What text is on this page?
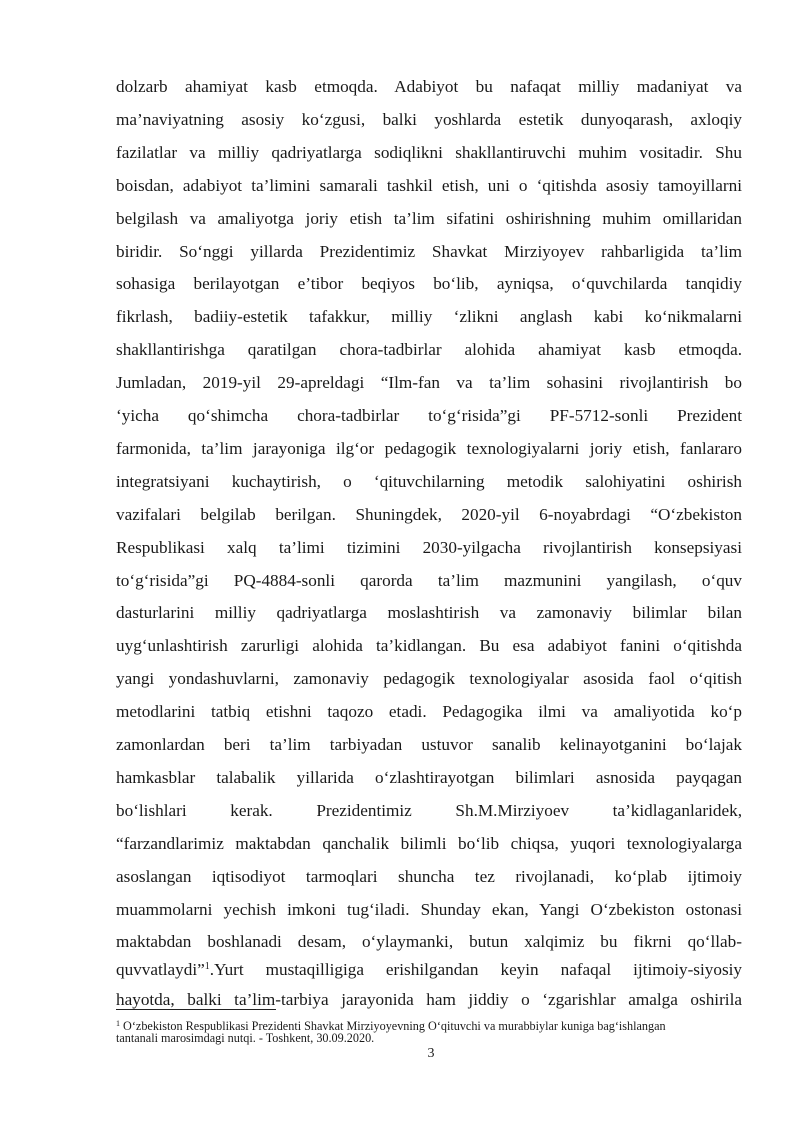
dolzarb ahamiyat kasb etmoqda. Adabiyot bu nafaqat milliy madaniyat va
ma’naviyatning asosiy ko‘zgusi, balki yoshlarda estetik dunyoqarash, axloqiy
fazilatlar va milliy qadriyatlarga sodiqlikni shakllantiruvchi muhim vositadir. Shu
boisdan, adabiyot ta’limini samarali tashkil etish, uni o ‘qitishda asosiy tamoyillarni
belgilash va amaliyotga joriy etish ta’lim sifatini oshirishning muhim omillaridan
biridir. So‘nggi yillarda Prezidentimiz Shavkat Mirziyoyev rahbarligida ta’lim
sohasiga berilayotgan e’tibor beqiyos bo‘lib, ayniqsa, o‘quvchilarda tanqidiy
fikrlash, badiiy-estetik tafakkur, milliy ‘zlikni anglash kabi ko‘nikmalarni
shakllantirishga qaratilgan chora-tadbirlar alohida ahamiyat kasb etmoqda.
Jumladan, 2019-yil 29-apreldagi “Ilm-fan va ta’lim sohasini rivojlantirish bo
‘yicha qo‘shimcha chora-tadbirlar to‘g‘risida”gi PF-5712-sonli Prezident
farmonida, ta’lim jarayoniga ilg‘or pedagogik texnologiyalarni joriy etish, fanlararo
integratsiyani kuchaytirish, o ‘qituvchilarning metodik salohiyatini oshirish
vazifalari belgilab berilgan. Shuningdek, 2020-yil 6-noyabrdagi “O‘zbekiston
Respublikasi xalq ta’limi tizimini 2030-yilgacha rivojlantirish konsepsiyasi
to‘g‘risida”gi PQ-4884-sonli qarorda ta’lim mazmunini yangilash, o‘quv
dasturlarini milliy qadriyatlarga moslashtirish va zamonaviy bilimlar bilan
uyg‘unlashtirish zarurligi alohida ta’kidlangan. Bu esa adabiyot fanini o‘qitishda
yangi yondashuvlarni, zamonaviy pedagogik texnologiyalar asosida faol o‘qitish
metodlarini tatbiq etishni taqozo etadi. Pedagogika ilmi va amaliyotida ko‘p
zamonlardan beri ta’lim tarbiyadan ustuvor sanalib kelinayotganini bo‘lajak
hamkasblar talabalik yillarida o‘zlashtirayotgan bilimlari asnosida payqagan
bo‘lishlari kerak. Prezidentimiz Sh.M.Mirziyoev ta’kidlaganlaridek,
“farzandlarimiz maktabdan qanchalik bilimli bo‘lib chiqsa, yuqori texnologiyalarga
asoslangan iqtisodiyot tarmoqlari shuncha tez rivojlanadi, ko‘plab ijtimoiy
muammolarni yechish imkoni tug‘iladi. Shunday ekan, Yangi O‘zbekiston ostonasi
maktabdan boshlanadi desam, o‘ylaymanki, butun xalqimiz bu fikrni qo‘llab-
quvvatlaydi”$^1$.Yurt mustaqilligiga erishilgandan keyin nafaqal ijtimoiy-siyosiy
hayotda, balki ta’lim-tarbiya jarayonida ham jiddiy o ‘zgarishlar amalga oshirila
$^1$ O‘zbekiston Respublikasi Prezidenti Shavkat Mirziyoyevning O‘qituvchi va murabbiylar kuniga bag‘ishlangan
tantanali marosimdagi nutqi. - Toshkent, 30.09.2020.
3
